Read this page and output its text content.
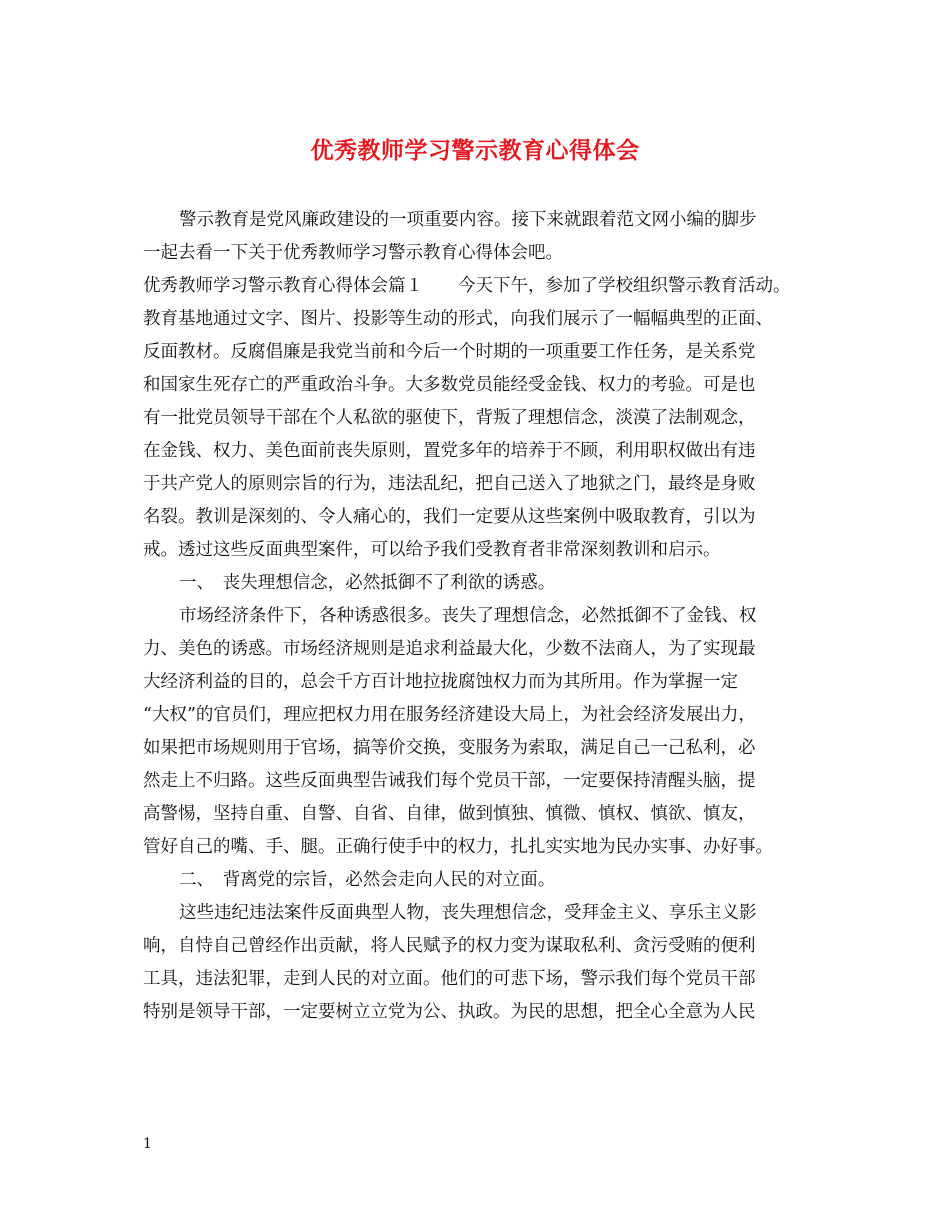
优秀教师学习警示教育心得体会
警示教育是党风廉政建设的一项重要内容。接下来就跟着范文网小编的脚步
一起去看一下关于优秀教师学习警示教育心得体会吧。
优秀教师学习警示教育心得体会篇１　　今天下午，参加了学校组织警示教育活动。
教育基地通过文字、图片、投影等生动的形式，向我们展示了一幅幅典型的正面、
反面教材。反腐倡廉是我党当前和今后一个时期的一项重要工作任务，是关系党
和国家生死存亡的严重政治斗争。大多数党员能经受金钱、权力的考验。可是也
有一批党员领导干部在个人私欲的驱使下，背叛了理想信念，淡漠了法制观念，
在金钱、权力、美色面前丧失原则，置党多年的培养于不顾，利用职权做出有违
于共产党人的原则宗旨的行为，违法乱纪，把自己送入了地狱之门，最终是身败
名裂。教训是深刻的、令人痛心的，我们一定要从这些案例中吸取教育，引以为
戒。透过这些反面典型案件，可以给予我们受教育者非常深刻教训和启示。
一、　丧失理想信念，必然抵御不了利欲的诱惑。
市场经济条件下，各种诱惑很多。丧失了理想信念，必然抵御不了金钱、权
力、美色的诱惑。市场经济规则是追求利益最大化，少数不法商人，为了实现最
大经济利益的目的，总会千方百计地拉拢腐蚀权力而为其所用。作为掌握一定
“大权”的官员们，理应把权力用在服务经济建设大局上，为社会经济发展出力，
如果把市场规则用于官场，搞等价交换，变服务为索取，满足自己一己私利，必
然走上不归路。这些反面典型告诫我们每个党员干部，一定要保持清醒头脑，提
高警惕，坚持自重、自警、自省、自律，做到慎独、慎微、慎权、慎欲、慎友，
管好自己的嘴、手、腿。正确行使手中的权力，扎扎实实地为民办实事、办好事。
二、　背离党的宗旨，必然会走向人民的对立面。
这些违纪违法案件反面典型人物，丧失理想信念，受拜金主义、享乐主义影
响，自恃自己曾经作出贡献，将人民赋予的权力变为谋取私利、贪污受贿的便利
工具，违法犯罪，走到人民的对立面。他们的可悲下场，警示我们每个党员干部
特别是领导干部，一定要树立立党为公、执政。为民的思想，把全心全意为人民
1
